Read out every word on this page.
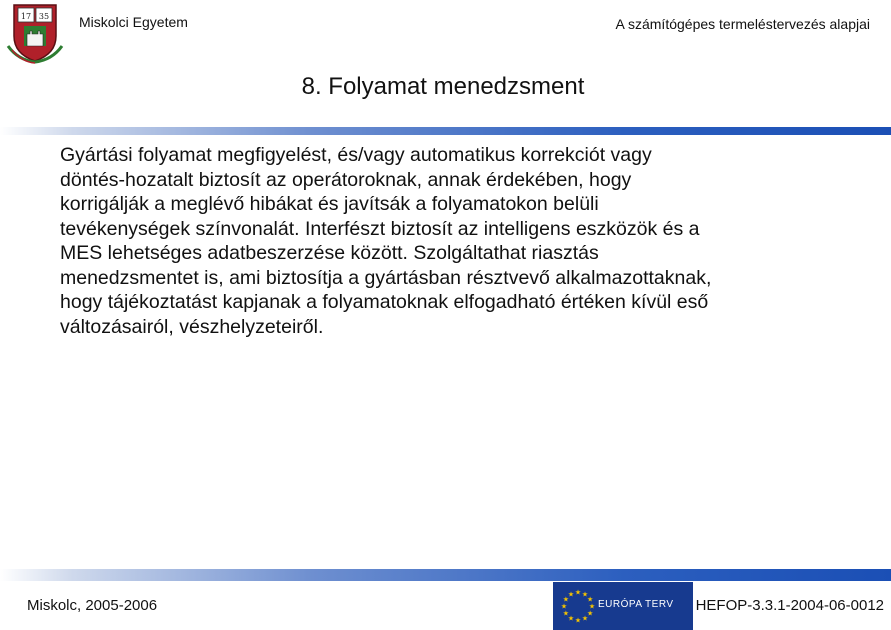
17 35 Miskolci Egyetem	A számítógépes termeléstervezés alapjai
8. Folyamat menedzsment

Gyártási folyamat megfigyelést, és/vagy automatikus korrekciót vagy
döntés-hozatalt biztosít az operátoroknak, annak érdekében, hogy
korrigálják a meglévő hibákat és javítsák a folyamatokon belüli
tevékenységek színvonalát. Interfészt biztosít az intelligens eszközök és a
MES lehetséges adatbeszerzése között. Szolgáltathat riasztás
menedzsmentet is, ami biztosítja a gyártásban résztvevő alkalmazottaknak,
hogy tájékoztatást kapjanak a folyamatoknak elfogadható értéken kívül eső
változásairól, vészhelyzeteiről.

Miskolc, 2005-2006	★
★
★
★
★
★
★
★
★ ★ ★
★ EURÓPA TERV HEFOP-3.3.1-2004-06-0012
